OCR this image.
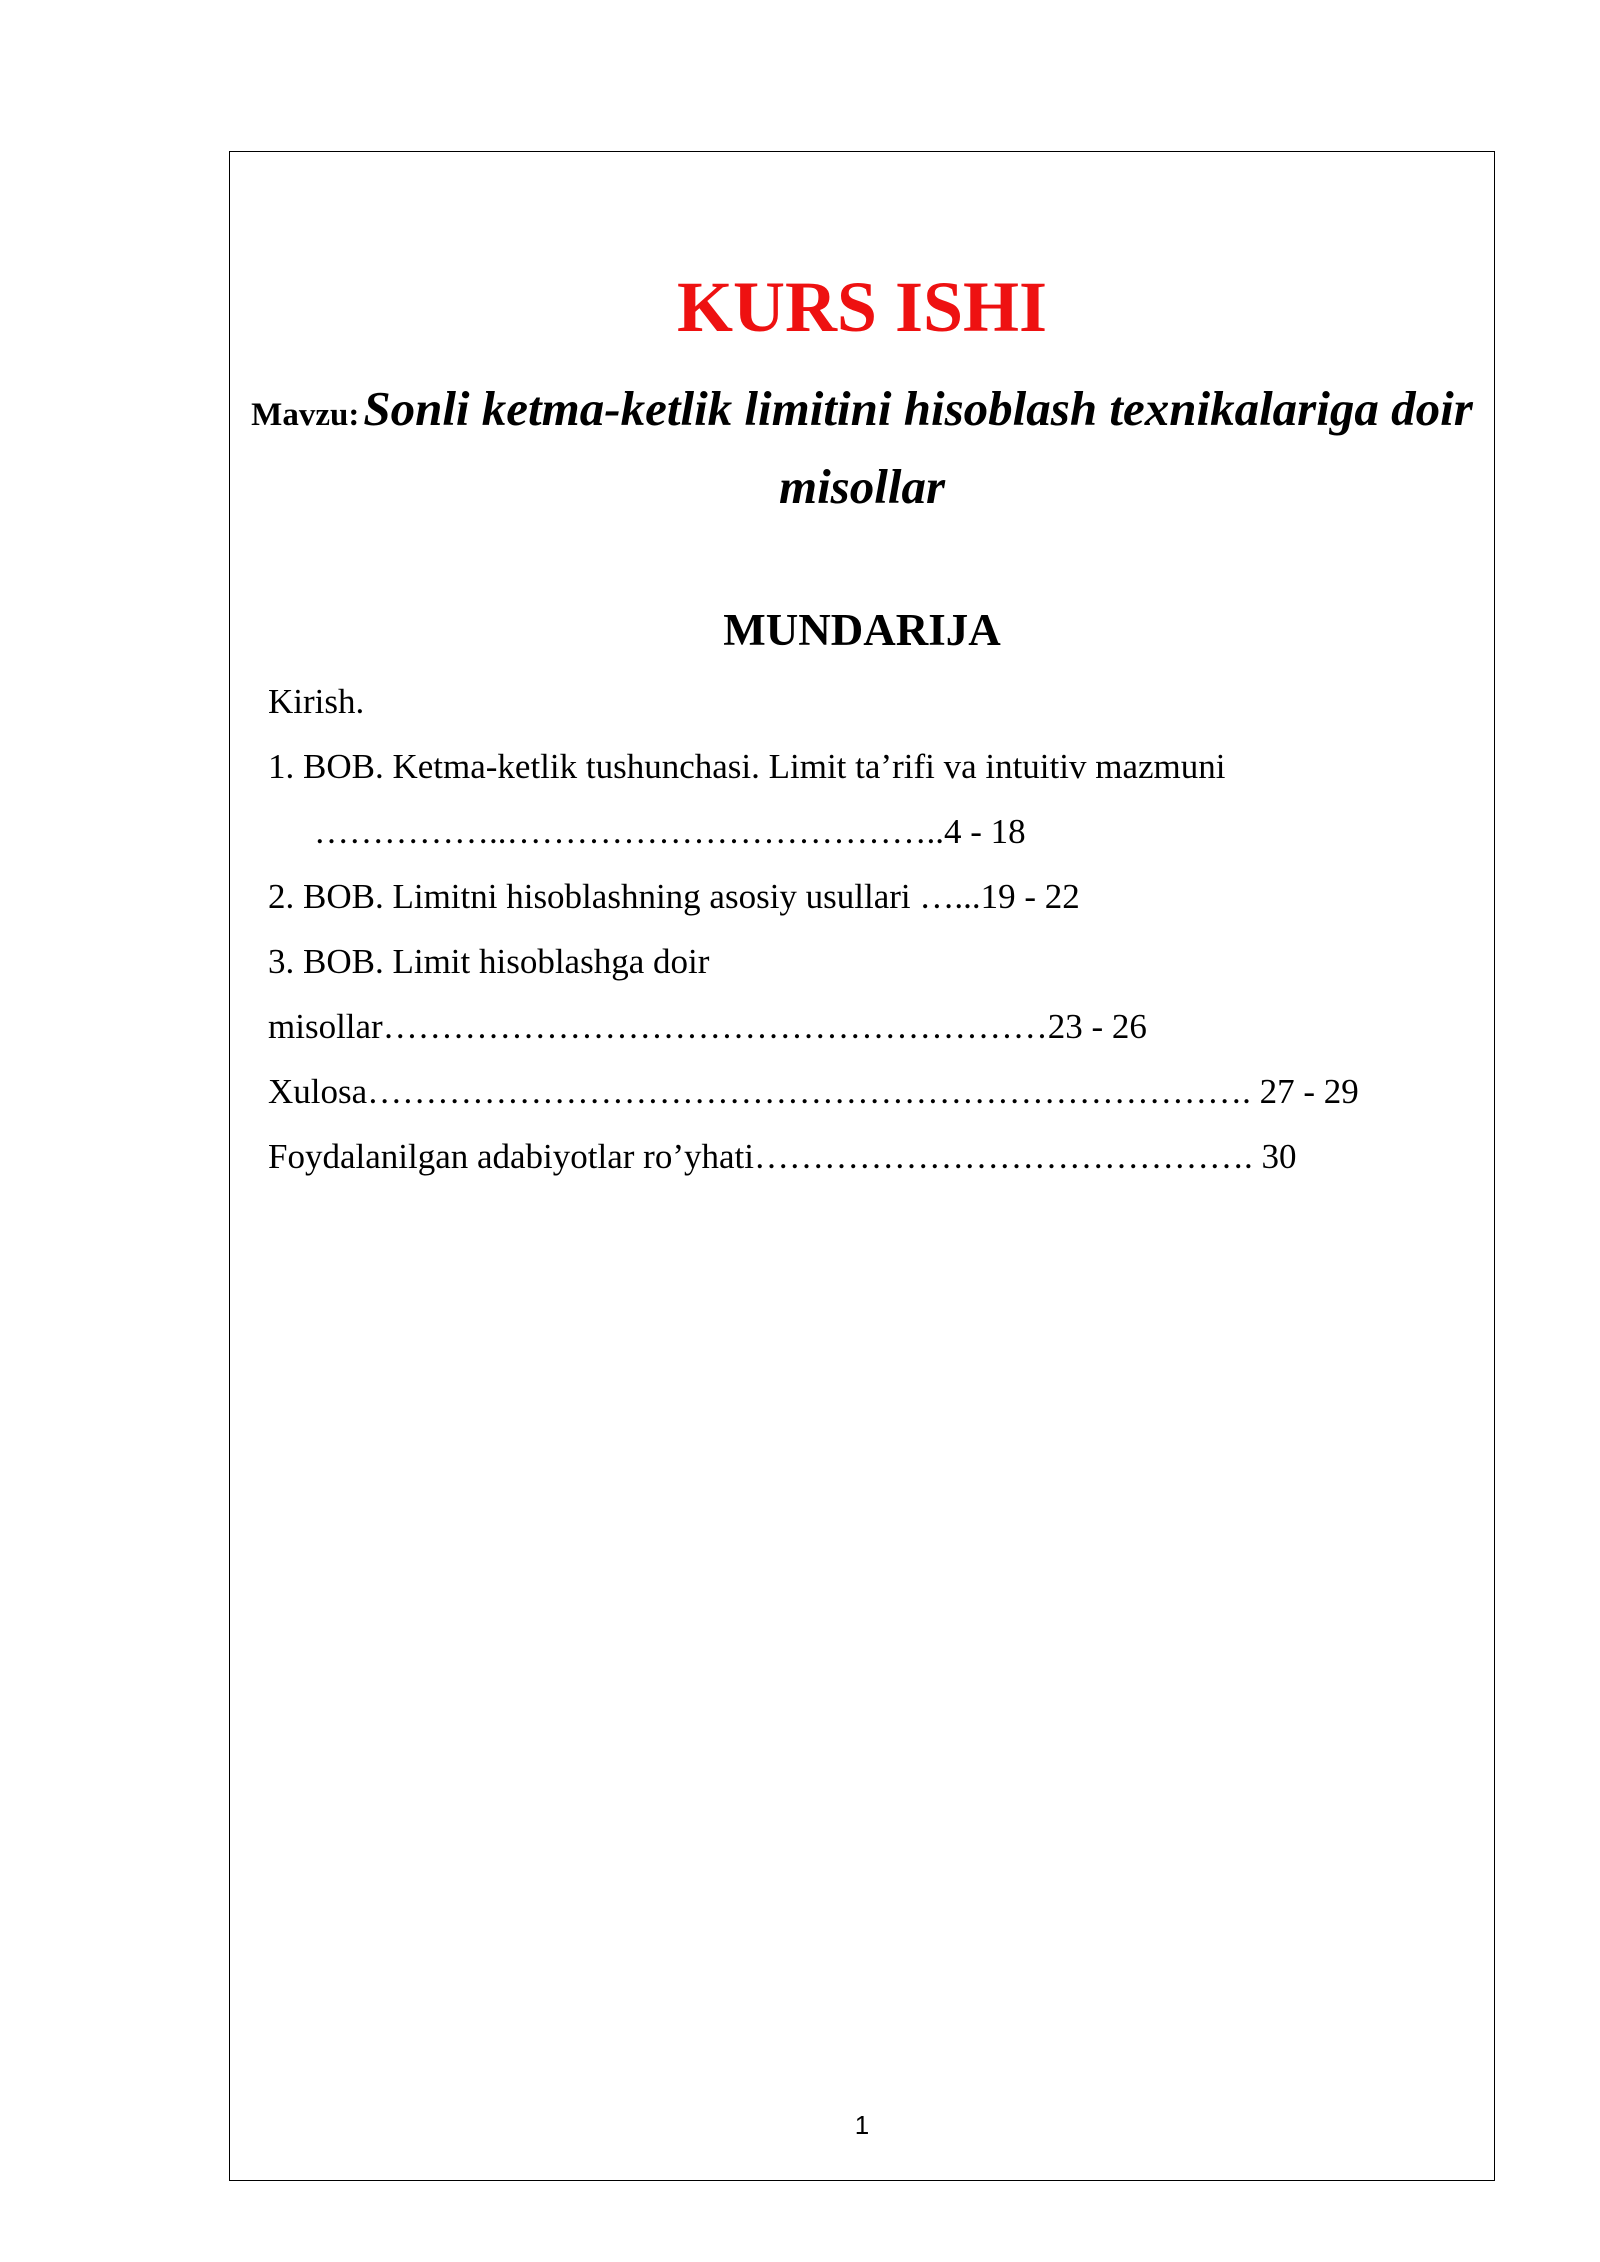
KURS ISHI

Mavzu: Sonli ketma-ketlik limitini hisoblash texnikalariga doir misollar

MUNDARIJA
Kirish.
1. BOB. Ketma-ketlik tushunchasi. Limit ta’rifi va intuitiv mazmuni
……………..………………………………..4 - 18
2. BOB. Limitni hisoblashning asosiy usullari …...19 - 22
3. BOB. Limit hisoblashga doir
misollar…………………………………………………23 - 26
Xulosa…………………………………………………………………. 27 - 29
Foydalanilgan adabiyotlar ro’yhati……………………………………. 30
1
